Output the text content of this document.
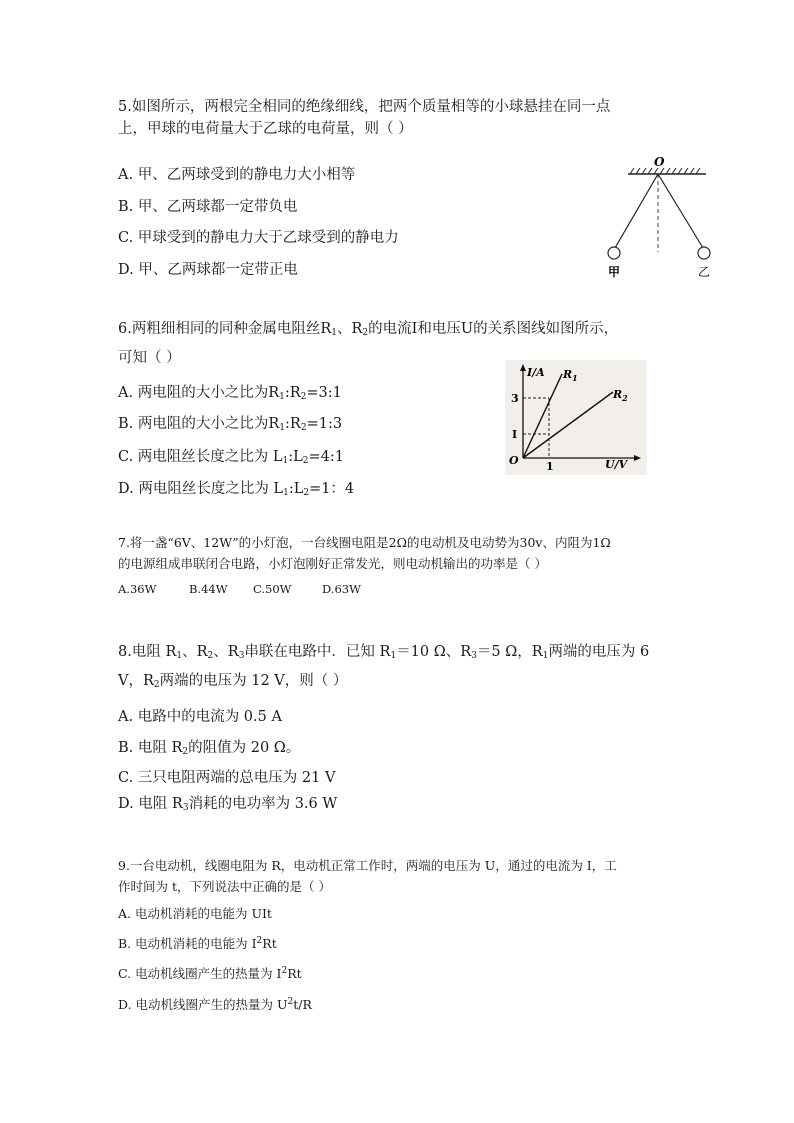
5.如图所示，两根完全相同的绝缘细线，把两个质量相等的小球悬挂在同一点
上，甲球的电荷量大于乙球的电荷量，则（ ）
A. 甲、乙两球受到的静电力大小相等
B. 甲、乙两球都一定带负电
C. 甲球受到的静电力大于乙球受到的静电力
D. 甲、乙两球都一定带正电
O
甲	乙
6.两粗细相同的同种金属电阻丝$R_1$、$R_2$的电流I和电压U的关系图线如图所示，
可知（ ）
A. 两电阻的大小之比为$R_1:R_2=3:1$
B. 两电阻的大小之比为$R_1:R_2=1:3$
C. 两电阻丝长度之比为 $L_1:L_2=4:1$
D. 两电阻丝长度之比为 $L_1:L_2=1$：4
I/A
U/V
O
3
I
1
$R_1$
$R_2$
7.将一盏“6V、12W”的小灯泡，一台线圈电阻是2Ω的电动机及电动势为30v、内阻为1Ω
的电源组成串联闭合电路，小灯泡刚好正常发光，则电动机输出的功率是（ ）
A.36W	B.44W C.50W	D.63W
8.电阻 $R_1$、$R_2$、$R_3$串联在电路中．已知 $R_1=10$ Ω、$R_3=5$ Ω，$R_1$两端的电压为 6
V，$R_2$两端的电压为 12 V，则（ ）
A. 电路中的电流为 0.5 A
B. 电阻 $R_2$的阻值为 20 Ω。
C. 三只电阻两端的总电压为 21 V
D. 电阻 $R_3$消耗的电功率为 3.6 W
9.一台电动机，线圈电阻为 R，电动机正常工作时，两端的电压为 U，通过的电流为 I，工
作时间为 t，下列说法中正确的是（ ）
A. 电动机消耗的电能为 UIt
B. 电动机消耗的电能为 $I^2Rt$
C. 电动机线圈产生的热量为 $I^2Rt$
D. 电动机线圈产生的热量为 $U^2t/R$
